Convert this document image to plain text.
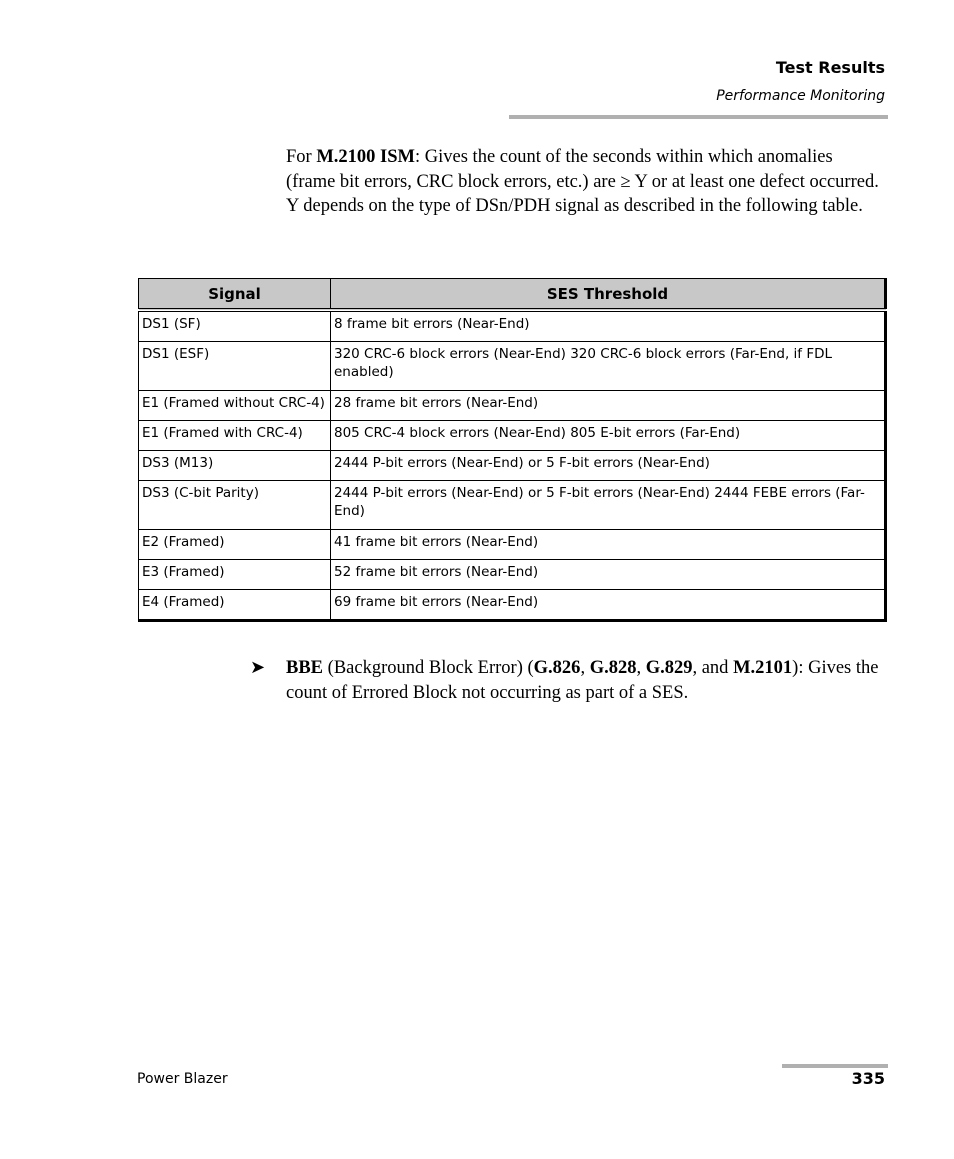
Test Results
Performance Monitoring

For M.2100 ISM: Gives the count of the seconds within which anomalies (frame bit errors, CRC block errors, etc.) are ≥ Y or at least one defect occurred. Y depends on the type of DSn/PDH signal as described in the following table.

Signal	SES Threshold
DS1 (SF)	8 frame bit errors (Near-End)
DS1 (ESF)	320 CRC-6 block errors (Near-End) 320 CRC-6 block errors (Far-End, if FDL enabled)
E1 (Framed without CRC-4)	28 frame bit errors (Near-End)
E1 (Framed with CRC-4)	805 CRC-4 block errors (Near-End) 805 E-bit errors (Far-End)
DS3 (M13)	2444 P-bit errors (Near-End) or 5 F-bit errors (Near-End)
DS3 (C-bit Parity)	2444 P-bit errors (Near-End) or 5 F-bit errors (Near-End) 2444 FEBE errors (Far-End)
E2 (Framed)	41 frame bit errors (Near-End)
E3 (Framed)	52 frame bit errors (Near-End)
E4 (Framed)	69 frame bit errors (Near-End)
➤ BBE (Background Block Error) (G.826, G.828, G.829, and M.2101): Gives the count of Errored Block not occurring as part of a SES.

Power Blazer	335
